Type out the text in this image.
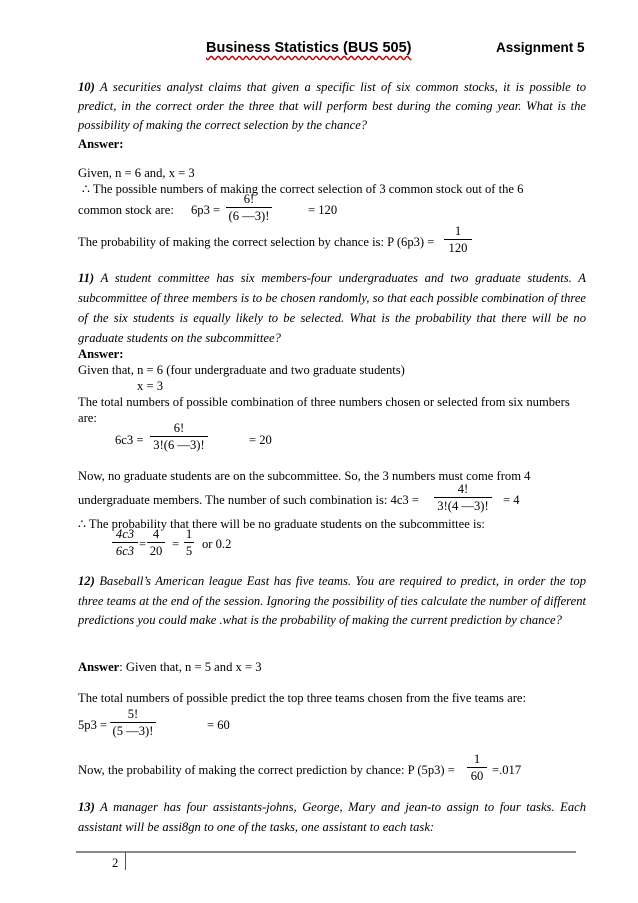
Business Statistics (BUS 505)	Assignment 5
10) A securities analyst claims that given a specific list of six common stocks, it is possible to predict, in the correct order the three that will perform best during the coming year. What is the possibility of making the correct selection by the chance?
Answer:
Given, n = 6 and, x = 3
∴ The possible numbers of making the correct selection of 3 common stock out of the 6
common stock are: 6p3 =
6!
(6 ―3)!	= 120
The probability of making the correct selection by chance is: P (6p3) =
1
120
11) A student committee has six members-four undergraduates and two graduate students. A subcommittee of three members is to be chosen randomly, so that each possible combination of three of the six students is equally likely to be selected. What is the probability that there will be no graduate students on the subcommittee?
Answer:
Given that, n = 6 (four undergraduate and two graduate students)
x = 3
The total numbers of possible combination of three numbers chosen or selected from six numbers
are:
6c3 =
6!
3!(6 ―3)!	= 20
Now, no graduate students are on the subcommittee. So, the 3 numbers must come from 4
undergraduate members. The number of such combination is: 4c3 =
4!
3!(4 ―3)! = 4
∴ The probability that there will be no graduate students on the subcommittee is:
4c3
6c3 =
4
20 =
1
5 or 0.2
12) Baseball’s American league East has five teams. You are required to predict, in order the top three teams at the end of the session. Ignoring the possibility of ties calculate the number of different predictions you could make .what is the probability of making the current prediction by chance?
Answer: Given that, n = 5 and x = 3
The total numbers of possible predict the top three teams chosen from the five teams are:
5p3 =
5!
(5 ―3)!	= 60
Now, the probability of making the correct prediction by chance: P (5p3) =
1
60 =.017
13) A manager has four assistants-johns, George, Mary and jean-to assign to four tasks. Each assistant will be assi8gn to one of the tasks, one assistant to each task:
2
